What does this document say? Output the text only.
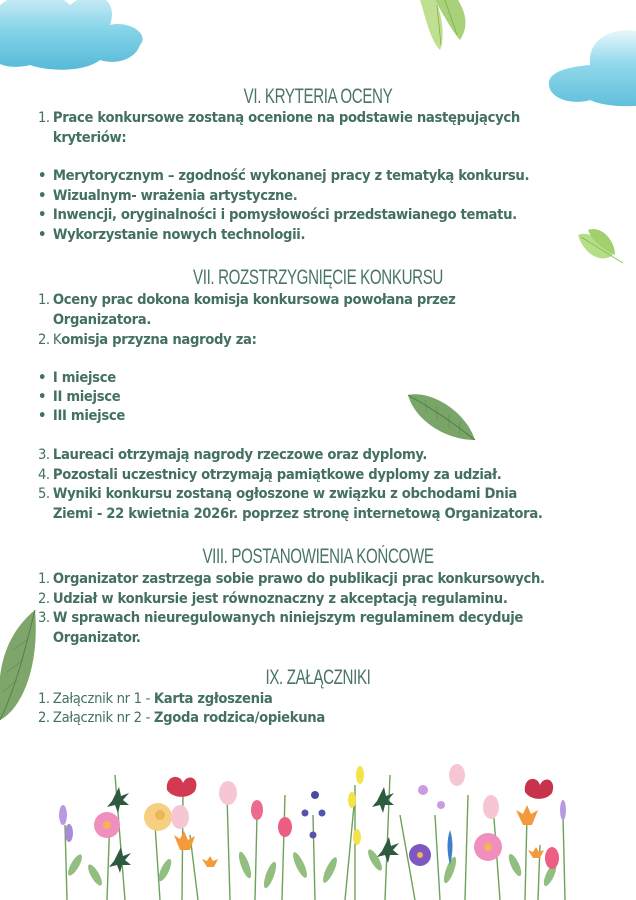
VI. KRYTERIA OCENY
1. Prace konkursowe zostaną ocenione na podstawie następujących
kryteriów:
• Merytorycznym – zgodność wykonanej pracy z tematyką konkursu.
• Wizualnym- wrażenia artystyczne.
• Inwencji, oryginalności i pomysłowości przedstawianego tematu.
• Wykorzystanie nowych technologii.
VII. ROZSTRZYGNIĘCIE KONKURSU
1. Oceny prac dokona komisja konkursowa powołana przez
Organizatora.
2. Komisja przyzna nagrody za:
• I miejsce
• II miejsce
• III miejsce
3. Laureaci otrzymają nagrody rzeczowe oraz dyplomy.
4. Pozostali uczestnicy otrzymają pamiątkowe dyplomy za udział.
5. Wyniki konkursu zostaną ogłoszone w związku z obchodami Dnia
Ziemi - 22 kwietnia 2026r. poprzez stronę internetową Organizatora.
VIII. POSTANOWIENIA KOŃCOWE
1. Organizator zastrzega sobie prawo do publikacji prac konkursowych.
2. Udział w konkursie jest równoznaczny z akceptacją regulaminu.
3. W sprawach nieuregulowanych niniejszym regulaminem decyduje
Organizator.
IX. ZAŁĄCZNIKI
1. Załącznik nr 1 - Karta zgłoszenia
2. Załącznik nr 2 - Zgoda rodzica/opiekuna
